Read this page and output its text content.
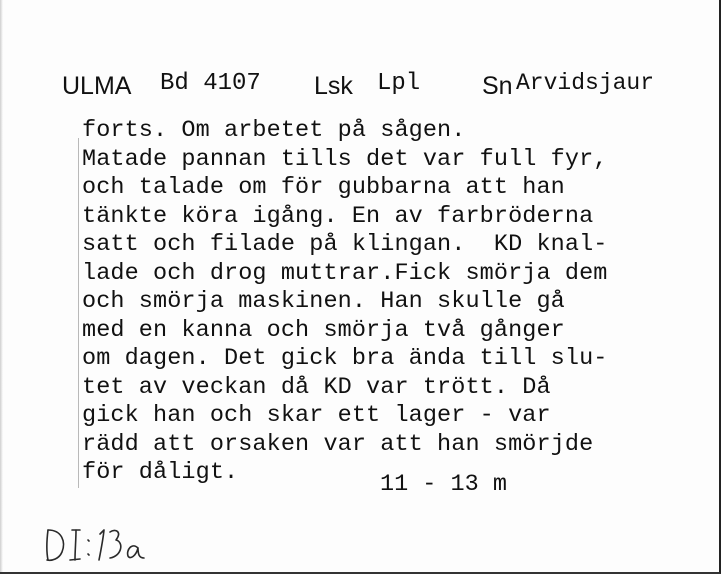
ULMA Bd 4107 Lsk Lpl Sn Arvidsjaur
forts. Om arbetet på sågen.
Matade pannan tills det var full fyr,
och talade om för gubbarna att han
tänkte köra igång. En av farbröderna
satt och filade på klingan.  KD knal-
lade och drog muttrar.Fick smörja dem
och smörja maskinen. Han skulle gå
med en kanna och smörja två gånger
om dagen. Det gick bra ända till slu-
tet av veckan då KD var trött. Då
gick han och skar ett lager - var
rädd att orsaken var att han smörjde
för dåligt.	11 - 13 m
